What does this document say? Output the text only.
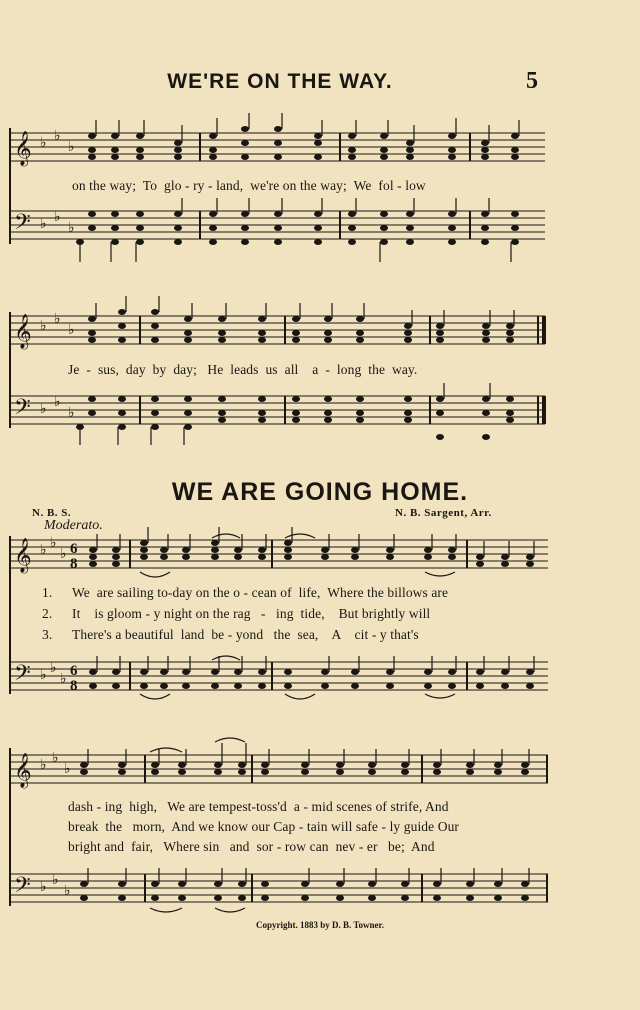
WE'RE ON THE WAY.	5
𝄞
𝄢
♭ ♭
♭
♭ ♭
♭
on the way;  To  glo - ry - land,  we're on the way;  We  fol - low
𝄞
𝄢
♭ ♭
♭
♭ ♭
♭
Je  -  sus,  day  by  day;   He  leads  us  all    a  -  long  the  way.
WE ARE GOING HOME.
N. B. S.	N. B. Sargent, Arr.
Moderato.
𝄞
𝄢
♭ ♭
♭
♭ ♭
♭
6
8
6
8
1. We  are sailing to-day on the o - cean of  life,  Where the billows are
2. It    is gloom - y night on the rag   -   ing  tide,    But brightly will
3. There's a beautiful  land  be - yond   the  sea,    A    cit - y that's
𝄞
𝄢
♭ ♭
♭
♭ ♭
♭
dash - ing  high,   We are tempest-toss'd  a - mid scenes of strife, And
break  the   morn,  And we know our Cap - tain will safe - ly guide Our
bright and  fair,   Where sin   and  sor - row can  nev - er   be;  And
Copyright. 1883 by D. B. Towner.
